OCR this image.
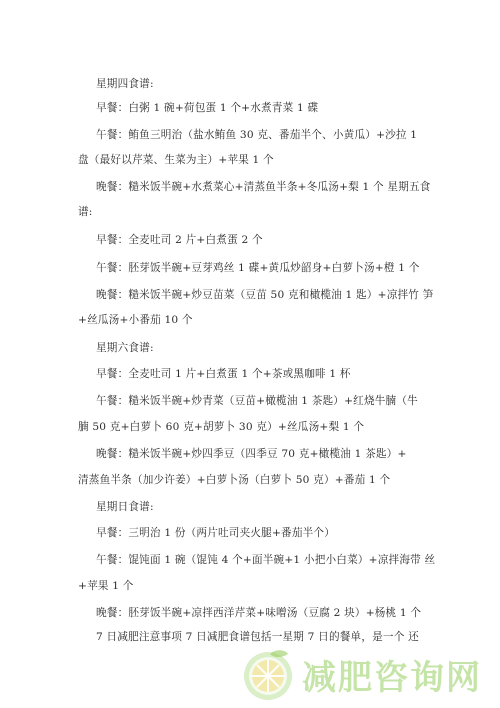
星期四食谱:
早餐：白粥 1 碗+荷包蛋 1 个+水煮青菜 1 碟
午餐：鲔鱼三明治（盐水鲔鱼 30 克、番茄半个、小黄瓜）+沙拉 1
盘（最好以芹菜、生菜为主）+苹果 1 个
晚餐：糙米饭半碗+水煮菜心+清蒸鱼半条+冬瓜汤+梨 1 个 星期五食
谱:
早餐：全麦吐司 2 片+白煮蛋 2 个
午餐：胚芽饭半碗+豆芽鸡丝 1 碟+黄瓜炒韶身+白萝卜汤+橙 1 个
晚餐：糙米饭半碗+炒豆苗菜（豆苗 50 克和橄榄油 1 匙）+凉拌竹 笋
+丝瓜汤+小番茄 10 个
星期六食谱:
早餐：全麦吐司 1 片+白煮蛋 1 个+茶或黑咖啡 1 杯
午餐：糙米饭半碗+炒青菜（豆苗+橄榄油 1 茶匙）+红烧牛腩（牛
腩 50 克+白萝卜 60 克+胡萝卜 30 克）+丝瓜汤+梨 1 个
晚餐：糙米饭半碗+炒四季豆（四季豆 70 克+橄榄油 1 茶匙）+
清蒸鱼半条（加少许姜）+白萝卜汤（白萝卜 50 克）+番茄 1 个
星期日食谱:
早餐：三明治 1 份（两片吐司夹火腿+番茄半个）
午餐：馄饨面 1 碗（馄饨 4 个+面半碗+1 小把小白菜）+凉拌海带 丝
+苹果 1 个
晚餐：胚芽饭半碗+凉拌西洋芹菜+味噌汤（豆腐 2 块）+杨桃 1 个
7 日减肥注意事项 7 日减肥食谱包括一星期 7 日的餐单，是一个 还
减肥咨询网
